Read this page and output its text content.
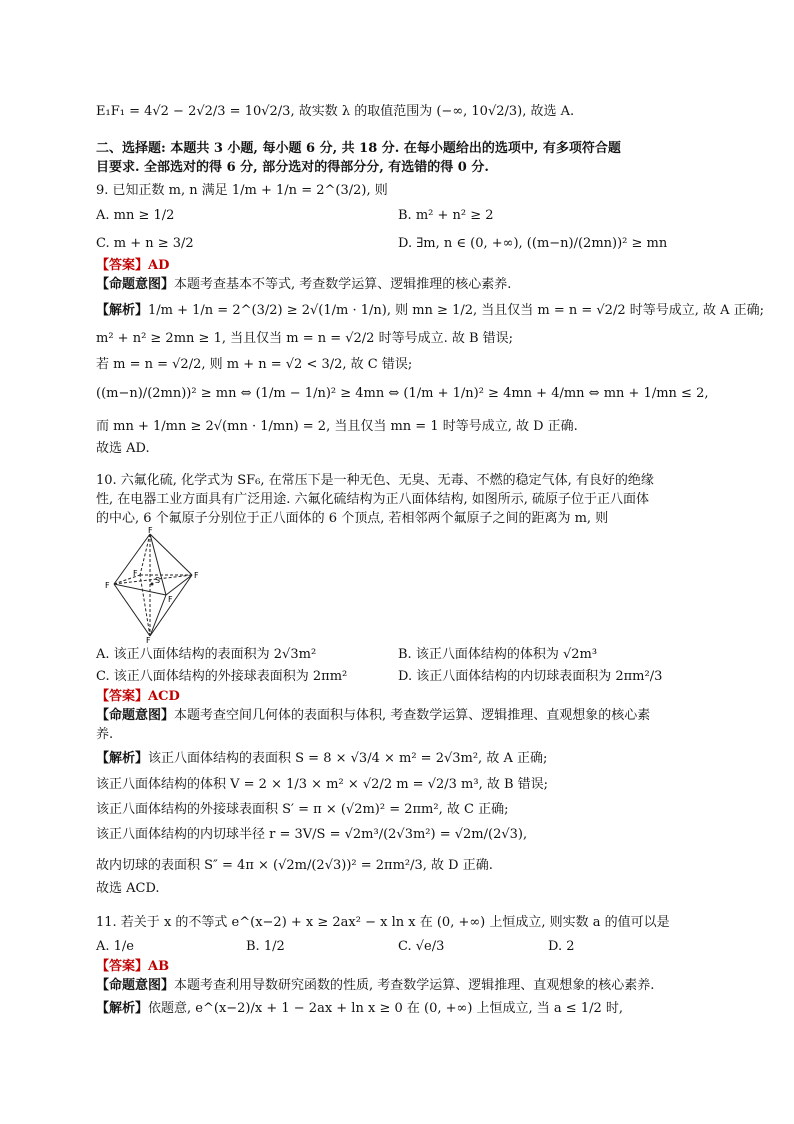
E₁F₁ = 4√2 − 2√2/3 = 10√2/3, 故实数 λ 的取值范围为 (−∞, 10√2/3), 故选 A.
二、选择题: 本题共 3 小题, 每小题 6 分, 共 18 分. 在每小题给出的选项中, 有多项符合题
目要求. 全部选对的得 6 分, 部分选对的得部分分, 有选错的得 0 分.
9. 已知正数 m, n 满足 1/m + 1/n = 2^(3/2), 则
A. mn ≥ 1/2	B. m² + n² ≥ 2
C. m + n ≥ 3/2	D. ∃m, n ∈ (0, +∞), ((m−n)/(2mn))² ≥ mn
【答案】AD
【命题意图】本题考查基本不等式, 考查数学运算、逻辑推理的核心素养.
【解析】1/m + 1/n = 2^(3/2) ≥ 2√(1/m · 1/n), 则 mn ≥ 1/2, 当且仅当 m = n = √2/2 时等号成立, 故 A 正确;
m² + n² ≥ 2mn ≥ 1, 当且仅当 m = n = √2/2 时等号成立. 故 B 错误;
若 m = n = √2/2, 则 m + n = √2 < 3/2, 故 C 错误;
((m−n)/(2mn))² ≥ mn ⇔ (1/m − 1/n)² ≥ 4mn ⇔ (1/m + 1/n)² ≥ 4mn + 4/mn ⇔ mn + 1/mn ≤ 2,
而 mn + 1/mn ≥ 2√(mn · 1/mn) = 2, 当且仅当 mn = 1 时等号成立, 故 D 正确.
故选 AD.
10. 六氟化硫, 化学式为 SF₆, 在常压下是一种无色、无臭、无毒、不燃的稳定气体, 有良好的绝缘
性, 在电器工业方面具有广泛用途. 六氟化硫结构为正八面体结构, 如图所示, 硫原子位于正八面体
的中心, 6 个氟原子分别位于正八面体的 6 个顶点, 若相邻两个氟原子之间的距离为 m, 则
F
F
F
F
F
F
S
A. 该正八面体结构的表面积为 2√3m²	B. 该正八面体结构的体积为 √2m³
C. 该正八面体结构的外接球表面积为 2πm²	D. 该正八面体结构的内切球表面积为 2πm²/3
【答案】ACD
【命题意图】本题考查空间几何体的表面积与体积, 考查数学运算、逻辑推理、直观想象的核心素
养.
【解析】该正八面体结构的表面积 S = 8 × √3/4 × m² = 2√3m², 故 A 正确;
该正八面体结构的体积 V = 2 × 1/3 × m² × √2/2 m = √2/3 m³, 故 B 错误;
该正八面体结构的外接球表面积 S′ = π × (√2m)² = 2πm², 故 C 正确;
该正八面体结构的内切球半径 r = 3V/S = √2m³/(2√3m²) = √2m/(2√3),
故内切球的表面积 S″ = 4π × (√2m/(2√3))² = 2πm²/3, 故 D 正确.
故选 ACD.
11. 若关于 x 的不等式 e^(x−2) + x ≥ 2ax² − x ln x 在 (0, +∞) 上恒成立, 则实数 a 的值可以是
A. 1/e	B. 1/2	C. √e/3	D. 2
【答案】AB
【命题意图】本题考查利用导数研究函数的性质, 考查数学运算、逻辑推理、直观想象的核心素养.
【解析】依题意, e^(x−2)/x + 1 − 2ax + ln x ≥ 0 在 (0, +∞) 上恒成立, 当 a ≤ 1/2 时,
